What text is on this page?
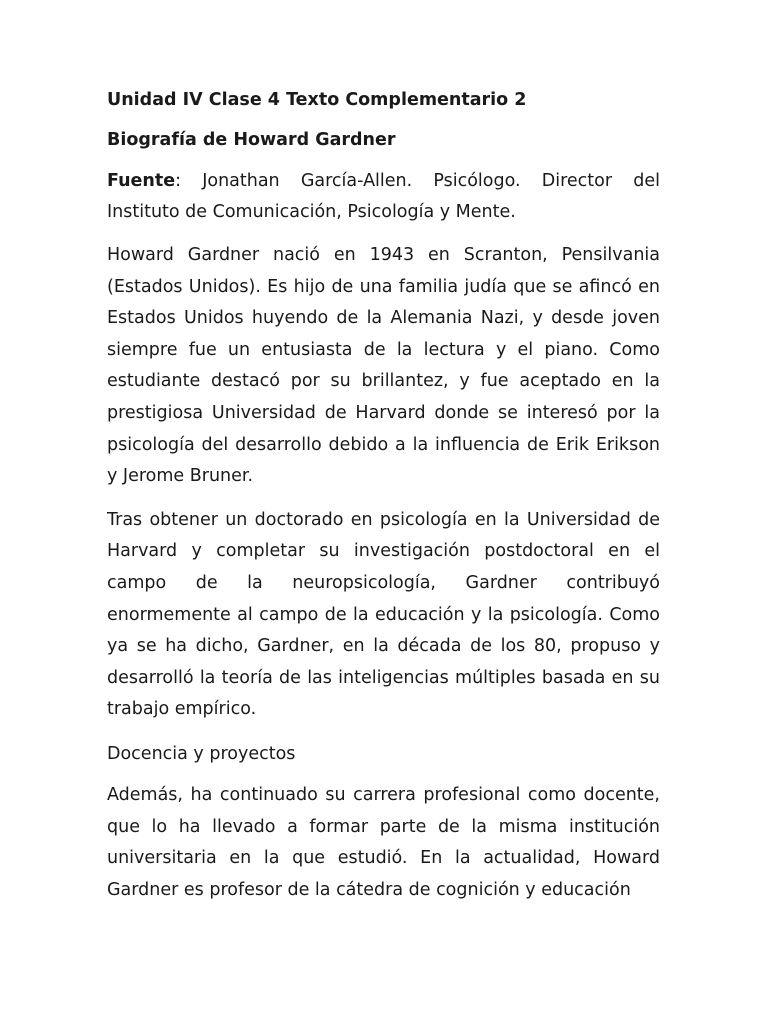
Unidad IV Clase 4 Texto Complementario 2

Biografía de Howard Gardner

Fuente: Jonathan García-Allen. Psicólogo. Director del Instituto de Comunicación, Psicología y Mente.

Howard Gardner nació en 1943 en Scranton, Pensilvania (Estados Unidos). Es hijo de una familia judía que se afincó en Estados Unidos huyendo de la Alemania Nazi, y desde joven siempre fue un entusiasta de la lectura y el piano. Como estudiante destacó por su brillantez, y fue aceptado en la prestigiosa Universidad de Harvard donde se interesó por la psicología del desarrollo debido a la influencia de Erik Erikson y Jerome Bruner.

Tras obtener un doctorado en psicología en la Universidad de Harvard y completar su investigación postdoctoral en el campo de la neuropsicología, Gardner contribuyó enormemente al campo de la educación y la psicología. Como ya se ha dicho, Gardner, en la década de los 80, propuso y desarrolló la teoría de las inteligencias múltiples basada en su trabajo empírico.

Docencia y proyectos

Además, ha continuado su carrera profesional como docente, que lo ha llevado a formar parte de la misma institución universitaria en la que estudió. En la actualidad, Howard Gardner es profesor de la cátedra de cognición y educación
